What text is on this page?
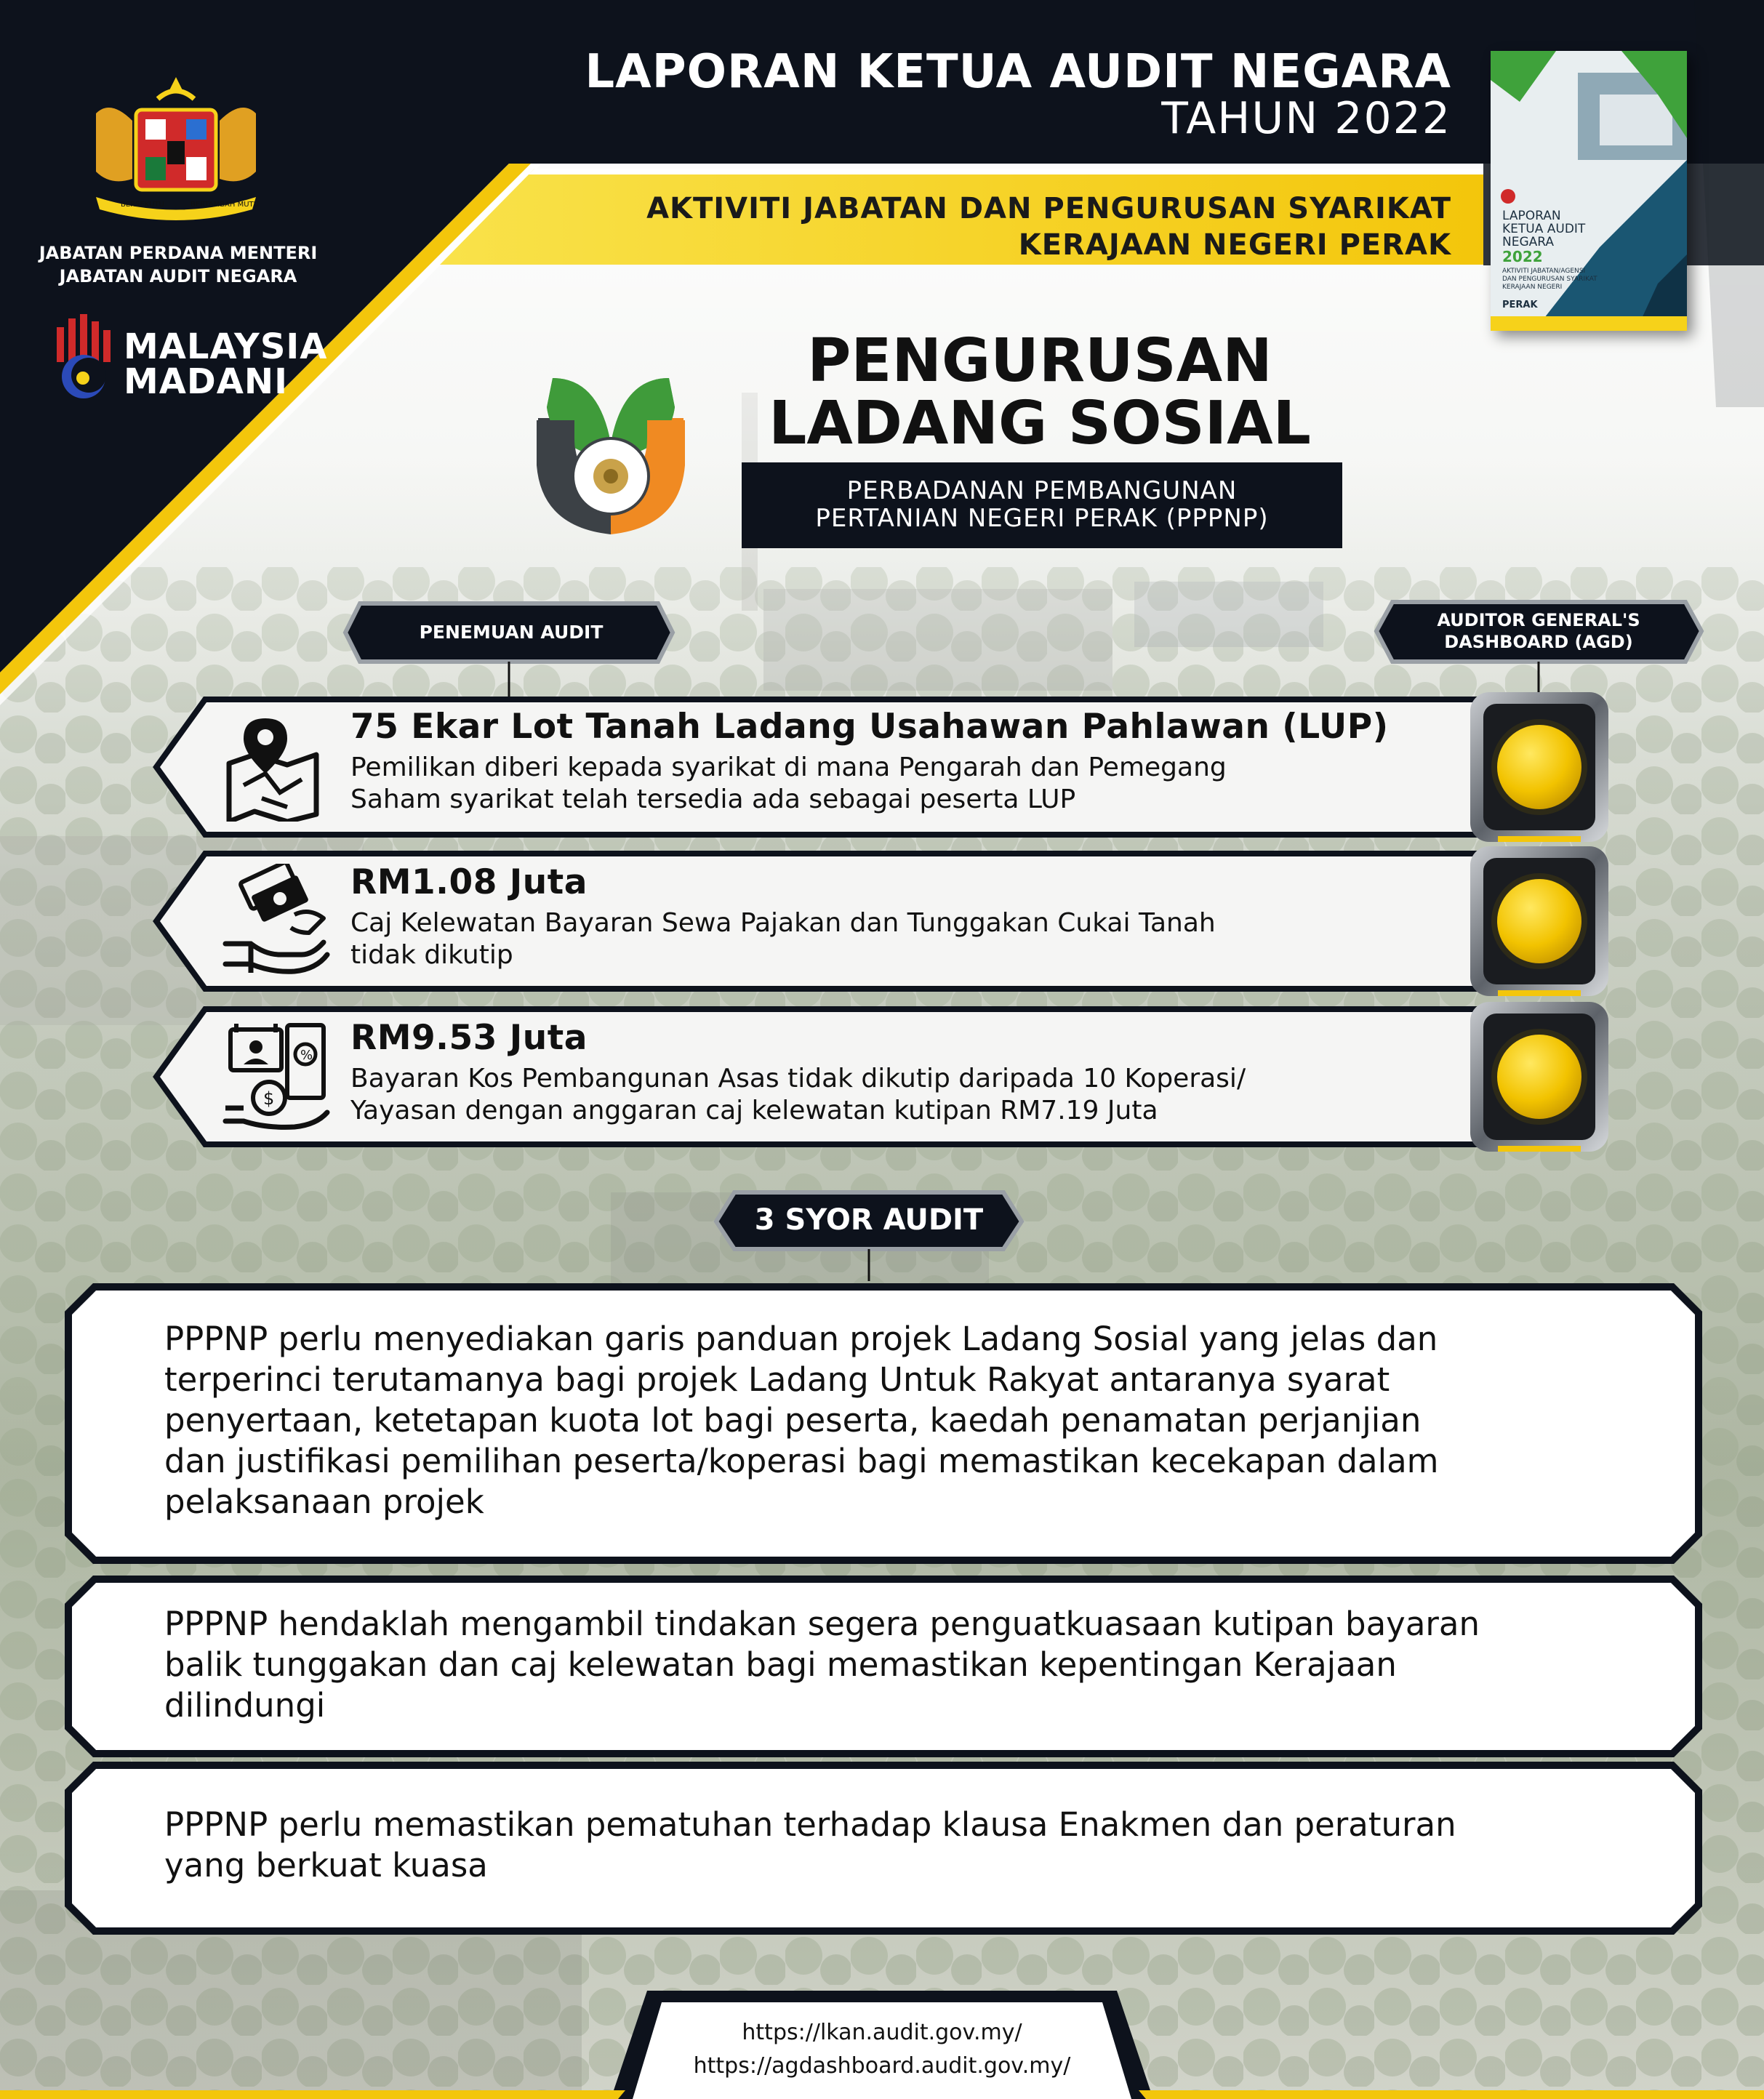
BERSEKUTU	BERTAMBAH MUTU
JABATAN PERDANA MENTERI
JABATAN AUDIT NEGARA
MALAYSIA
MADANI
LAPORAN KETUA AUDIT NEGARA
TAHUN 2022
AKTIVITI JABATAN DAN PENGURUSAN SYARIKAT
KERAJAAN NEGERI PERAK
LAPORAN
KETUA AUDIT
NEGARA
2022
AKTIVITI JABATAN/AGENSI
DAN PENGURUSAN SYARIKAT
KERAJAAN NEGERI
PERAK
PENGURUSAN
LADANG SOSIAL
PERBADANAN PEMBANGUNAN
PERTANIAN NEGERI PERAK (PPPNP)
PENEMUAN AUDIT
AUDITOR GENERAL'S
DASHBOARD (AGD)
75 Ekar Lot Tanah Ladang Usahawan Pahlawan (LUP)
Pemilikan diberi kepada syarikat di mana Pengarah dan Pemegang
Saham syarikat telah tersedia ada sebagai peserta LUP
RM1.08 Juta
Caj Kelewatan Bayaran Sewa Pajakan dan Tunggakan Cukai Tanah
tidak dikutip
%
$
RM9.53 Juta
Bayaran Kos Pembangunan Asas tidak dikutip daripada 10 Koperasi/
Yayasan dengan anggaran caj kelewatan kutipan RM7.19 Juta
3 SYOR AUDIT
PPPNP perlu menyediakan garis panduan projek Ladang Sosial yang jelas dan
terperinci terutamanya bagi projek Ladang Untuk Rakyat antaranya syarat
penyertaan, ketetapan kuota lot bagi peserta, kaedah penamatan perjanjian
dan justifikasi pemilihan peserta/koperasi bagi memastikan kecekapan dalam
pelaksanaan projek
PPPNP hendaklah mengambil tindakan segera penguatkuasaan kutipan bayaran
balik tunggakan dan caj kelewatan bagi memastikan kepentingan Kerajaan
dilindungi
PPPNP perlu memastikan pematuhan terhadap klausa Enakmen dan peraturan
yang berkuat kuasa
https://lkan.audit.gov.my/
https://agdashboard.audit.gov.my/
